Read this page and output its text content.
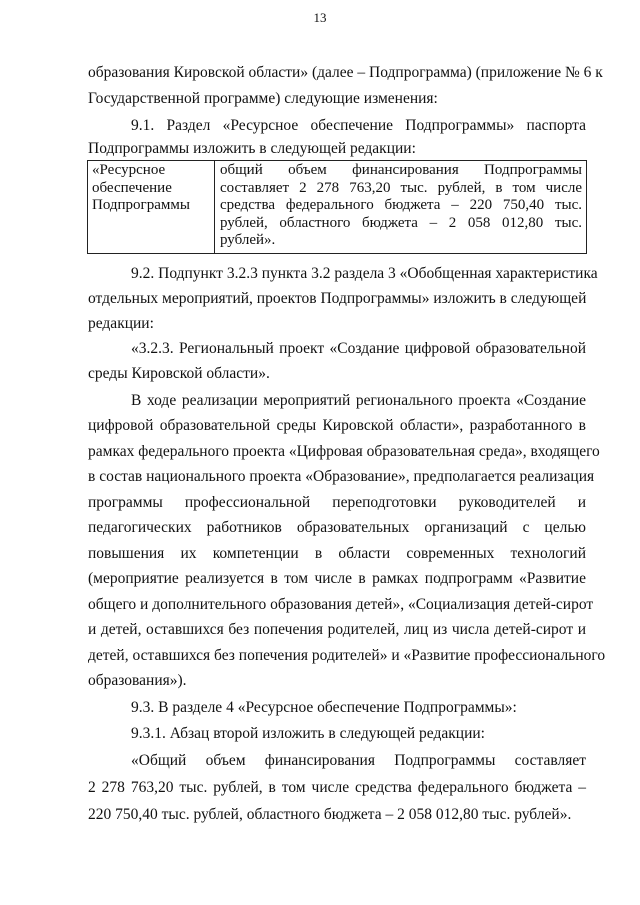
13
образования Кировской области» (далее – Подпрограмма) (приложение № 6 к
Государственной программе) следующие изменения:
9.1. Раздел «Ресурсное обеспечение Подпрограммы» паспорта
Подпрограммы изложить в следующей редакции:
«Ресурсное
обеспечение
Подпрограммы
общий объем финансирования Подпрограммы
составляет 2 278 763,20 тыс. рублей, в том числе
средства федерального бюджета – 220 750,40 тыс.
рублей, областного бюджета – 2 058 012,80 тыс.
рублей».
9.2. Подпункт 3.2.3 пункта 3.2 раздела 3 «Обобщенная характеристика
отдельных мероприятий, проектов Подпрограммы» изложить в следующей
редакции:
«3.2.3. Региональный проект «Создание цифровой образовательной
среды Кировской области».
В ходе реализации мероприятий регионального проекта «Создание
цифровой образовательной среды Кировской области», разработанного в
рамках федерального проекта «Цифровая образовательная среда», входящего
в состав национального проекта «Образование», предполагается реализация
программы профессиональной переподготовки руководителей и
педагогических работников образовательных организаций с целью
повышения их компетенции в области современных технологий
(мероприятие реализуется в том числе в рамках подпрограмм «Развитие
общего и дополнительного образования детей», «Социализация детей-сирот
и детей, оставшихся без попечения родителей, лиц из числа детей-сирот и
детей, оставшихся без попечения родителей» и «Развитие профессионального
образования»).
9.3. В разделе 4 «Ресурсное обеспечение Подпрограммы»:
9.3.1. Абзац второй изложить в следующей редакции:
«Общий объем финансирования Подпрограммы составляет
2 278 763,20 тыс. рублей, в том числе средства федерального бюджета –
220 750,40 тыс. рублей, областного бюджета – 2 058 012,80 тыс. рублей».
